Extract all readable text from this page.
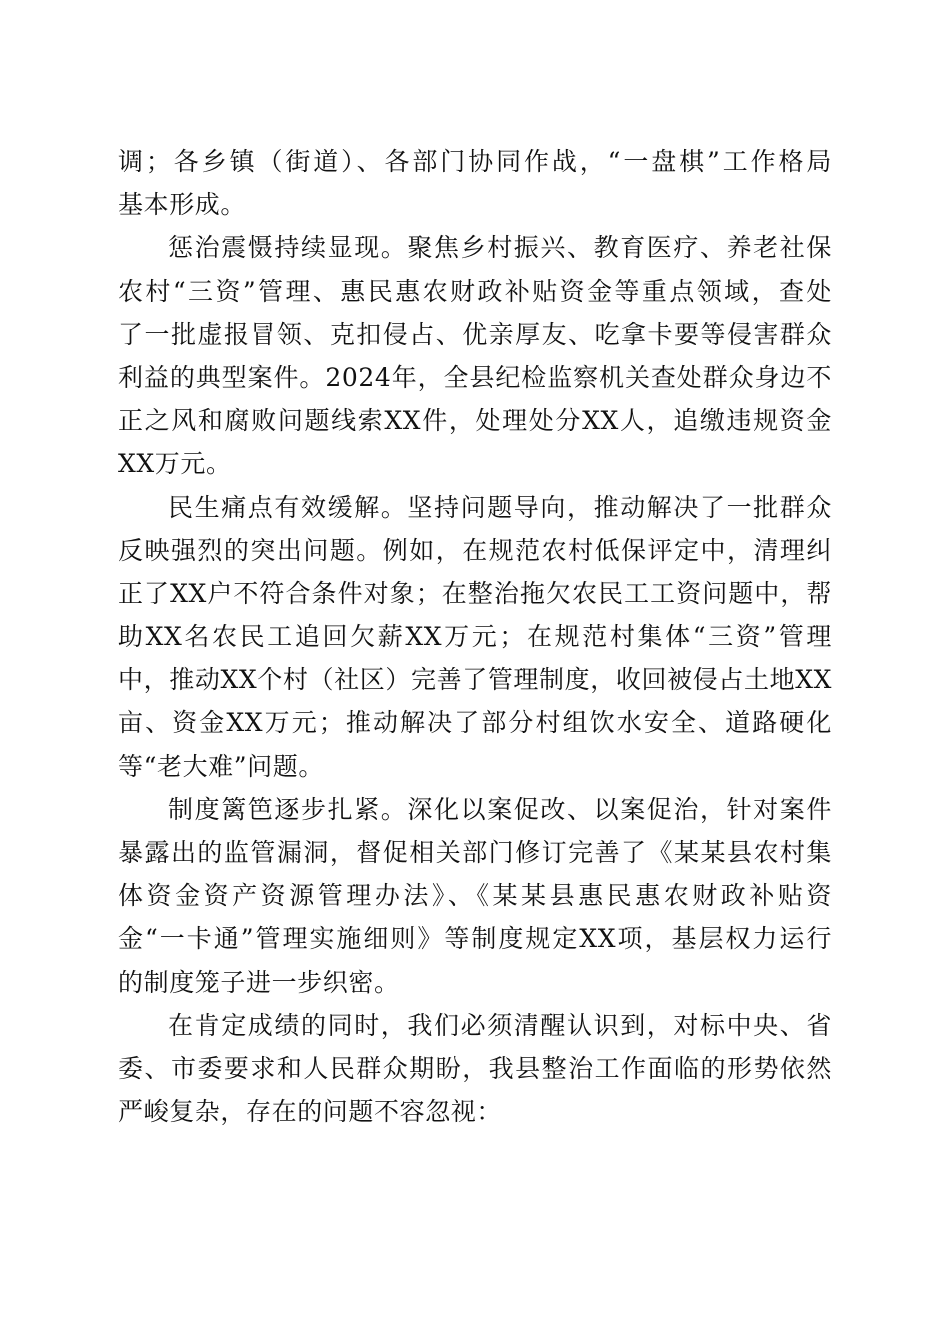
调；各乡镇（街道）、各部门协同作战，“一盘棋”工作格局
基本形成。
惩治震慑持续显现。聚焦乡村振兴、教育医疗、养老社保
农村“三资”管理、惠民惠农财政补贴资金等重点领域，查处
了一批虚报冒领、克扣侵占、优亲厚友、吃拿卡要等侵害群众
利益的典型案件。2024年，全县纪检监察机关查处群众身边不
正之风和腐败问题线索XX件，处理处分XX人，追缴违规资金
XX万元。
民生痛点有效缓解。坚持问题导向，推动解决了一批群众
反映强烈的突出问题。例如，在规范农村低保评定中，清理纠
正了XX户不符合条件对象；在整治拖欠农民工工资问题中，帮
助XX名农民工追回欠薪XX万元；在规范村集体“三资”管理
中，推动XX个村（社区）完善了管理制度，收回被侵占土地XX
亩、资金XX万元；推动解决了部分村组饮水安全、道路硬化
等“老大难”问题。
制度篱笆逐步扎紧。深化以案促改、以案促治，针对案件
暴露出的监管漏洞，督促相关部门修订完善了《某某县农村集
体资金资产资源管理办法》、《某某县惠民惠农财政补贴资
金“一卡通”管理实施细则》等制度规定XX项，基层权力运行
的制度笼子进一步织密。
在肯定成绩的同时，我们必须清醒认识到，对标中央、省
委、市委要求和人民群众期盼，我县整治工作面临的形势依然
严峻复杂，存在的问题不容忽视：
